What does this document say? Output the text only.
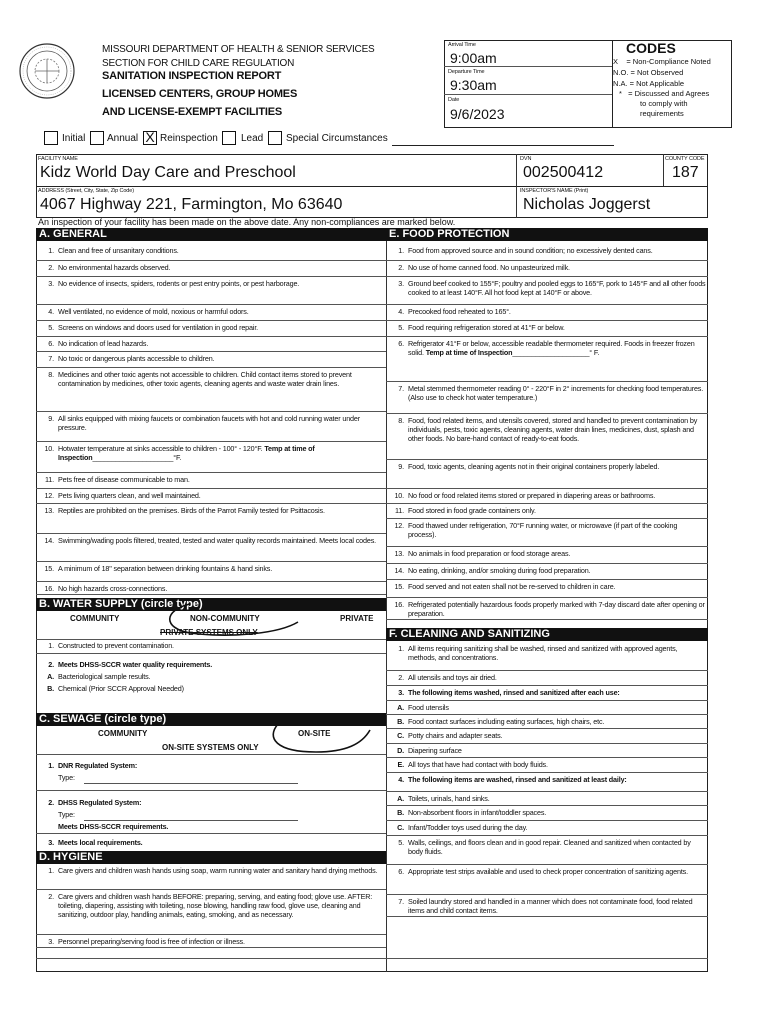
MISSOURI DEPARTMENT OF HEALTH & SENIOR SERVICES
SECTION FOR CHILD CARE REGULATION
SANITATION INSPECTION REPORT
LICENSED CENTERS, GROUP HOMES
AND LICENSE-EXEMPT FACILITIES
Arrival Time
9:00am
Departure Time
9:30am
Date
9/6/2023
CODES
X    = Non-Compliance Noted
N.O. = Not Observed
N.A. = Not Applicable
*   = Discussed and Agrees
to comply with
requirements
Initial Annual X Reinspection Lead Special Circumstances
FACILITY NAME
Kidz World Day Care and Preschool
DVN
002500412
COUNTY CODE
187
ADDRESS (Street, City, State, Zip Code)
4067 Highway 221, Farmington, Mo 63640
INSPECTOR'S NAME (Print)
Nicholas Joggerst
An inspection of your facility has been made on the above date. Any non-compliances are marked below.
A. GENERAL
1. Clean and free of unsanitary conditions.
2. No environmental hazards observed.
3. No evidence of insects, spiders, rodents or pest entry points, or pest harborage.
4. Well ventilated, no evidence of mold, noxious or harmful odors.
5. Screens on windows and doors used for ventilation in good repair.
6. No indication of lead hazards.
7. No toxic or dangerous plants accessible to children.
8. Medicines and other toxic agents not accessible to children. Child contact items stored to prevent contamination by medicines, other toxic agents, cleaning agents and waste water drain lines.
9. All sinks equipped with mixing faucets or combination faucets with hot and cold running water under pressure.
10. Hotwater temperature at sinks accessible to children - 100° - 120°F. Temp at time of Inspection_____________________°F.
11. Pets free of disease communicable to man.
12. Pets living quarters clean, and well maintained.
13. Reptiles are prohibited on the premises. Birds of the Parrot Family tested for Psittacosis.
14. Swimming/wading pools filtered, treated, tested and water quality records maintained. Meets local codes.
15. A minimum of 18" separation between drinking fountains & hand sinks.
16. No high hazards cross-connections.
B. WATER SUPPLY (circle type)
COMMUNITY	NON-COMMUNITY	PRIVATE
PRIVATE SYSTEMS ONLY
1. Constructed to prevent contamination.
2. Meets DHSS-SCCR water quality requirements.
A. Bacteriological sample results.
B. Chemical (Prior SCCR Approval Needed)
C. SEWAGE (circle type)
COMMUNITY	ON-SITE
ON-SITE SYSTEMS ONLY
1. DNR Regulated System:
Type:
2. DHSS Regulated System:
Type:
Meets DHSS-SCCR requirements.
3. Meets local requirements.
D. HYGIENE
1. Care givers and children wash hands using soap, warm running water and sanitary hand drying methods.
2. Care givers and children wash hands BEFORE: preparing, serving, and eating food; glove use. AFTER: toileting, diapering, assisting with toileting, nose blowing, handling raw food, glove use, cleaning and sanitizing, outdoor play, handling animals, eating, smoking, and as necessary.
3. Personnel preparing/serving food is free of infection or illness.
E. FOOD PROTECTION
1. Food from approved source and in sound condition; no excessively dented cans.
2. No use of home canned food. No unpasteurized milk.
3. Ground beef cooked to 155°F; poultry and pooled eggs to 165°F, pork to 145°F and all other foods cooked to at least 140°F. All hot food kept at 140°F or above.
4. Precooked food reheated to 165°.
5. Food requiring refrigeration stored at 41°F or below.
6. Refrigerator 41°F or below, accessible readable thermometer required. Foods in freezer frozen solid. Temp at time of Inspection____________________° F.
7. Metal stemmed thermometer reading 0° - 220°F in 2° increments for checking food temperatures. (Also use to check hot water temperature.)
8. Food, food related items, and utensils covered, stored and handled to prevent contamination by individuals, pests, toxic agents, cleaning agents, water drain lines, medicines, dust, splash and other foods. No bare-hand contact of ready-to-eat foods.
9. Food, toxic agents, cleaning agents not in their original containers properly labeled.
10. No food or food related items stored or prepared in diapering areas or bathrooms.
11. Food stored in food grade containers only.
12. Food thawed under refrigeration, 70°F running water, or microwave (if part of the cooking process).
13. No animals in food preparation or food storage areas.
14. No eating, drinking, and/or smoking during food preparation.
15. Food served and not eaten shall not be re-served to children in care.
16. Refrigerated potentially hazardous foods properly marked with 7-day discard date after opening or preparation.
F. CLEANING AND SANITIZING
1. All items requiring sanitizing shall be washed, rinsed and sanitized with approved agents, methods, and concentrations.
2. All utensils and toys air dried.
3. The following items washed, rinsed and sanitized after each use:
A. Food utensils
B. Food contact surfaces including eating surfaces, high chairs, etc.
C. Potty chairs and adapter seats.
D. Diapering surface
E. All toys that have had contact with body fluids.
4. The following items are washed, rinsed and sanitized at least daily:
A. Toilets, urinals, hand sinks.
B. Non-absorbent floors in infant/toddler spaces.
C. Infant/Toddler toys used during the day.
5. Walls, ceilings, and floors clean and in good repair. Cleaned and sanitized when contacted by body fluids.
6. Appropriate test strips available and used to check proper concentration of sanitizing agents.
7. Soiled laundry stored and handled in a manner which does not contaminate food, food related items and child contact items.
